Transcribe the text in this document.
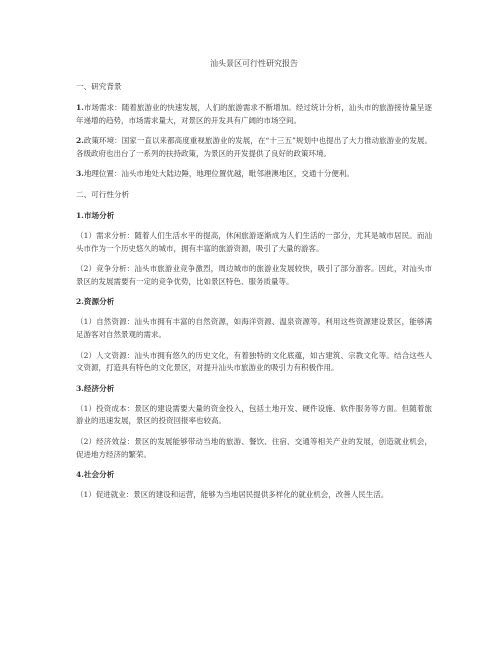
汕头景区可行性研究报告
一、研究背景

1.市场需求：随着旅游业的快速发展，人们的旅游需求不断增加。经过统计分析，汕头市的旅游接待量呈逐年递增的趋势，市场需求量大，对景区的开发具有广阔的市场空间。

2.政策环境：国家一直以来都高度重视旅游业的发展，在“十三五”规划中也提出了大力推动旅游业的发展。各级政府也出台了一系列的扶持政策，为景区的开发提供了良好的政策环境。

3.地理位置：汕头市地处大陆边陲，地理位置优越，毗邻港澳地区，交通十分便利。

二、可行性分析
1.市场分析

（1）需求分析：随着人们生活水平的提高，休闲旅游逐渐成为人们生活的一部分，尤其是城市居民。而汕头市作为一个历史悠久的城市，拥有丰富的旅游资源，吸引了大量的游客。

（2）竞争分析：汕头市旅游业竞争激烈，周边城市的旅游业发展较快，吸引了部分游客。因此，对汕头市景区的发展需要有一定的竞争优势，比如景区特色、服务质量等。

2.资源分析

（1）自然资源：汕头市拥有丰富的自然资源，如海洋资源、温泉资源等。利用这些资源建设景区，能够满足游客对自然景观的需求。

（2）人文资源：汕头市拥有悠久的历史文化，有着独特的文化底蕴，如古建筑、宗教文化等。结合这些人文资源，打造具有特色的文化景区，对提升汕头市旅游业的吸引力有积极作用。

3.经济分析

（1）投资成本：景区的建设需要大量的资金投入，包括土地开发、硬件设施、软件服务等方面。但随着旅游业的迅速发展，景区的投资回报率也较高。

（2）经济效益：景区的发展能够带动当地的旅游、餐饮、住宿、交通等相关产业的发展，创造就业机会，促进地方经济的繁荣。

4.社会分析

（1）促进就业：景区的建设和运营，能够为当地居民提供多样化的就业机会，改善人民生活。
